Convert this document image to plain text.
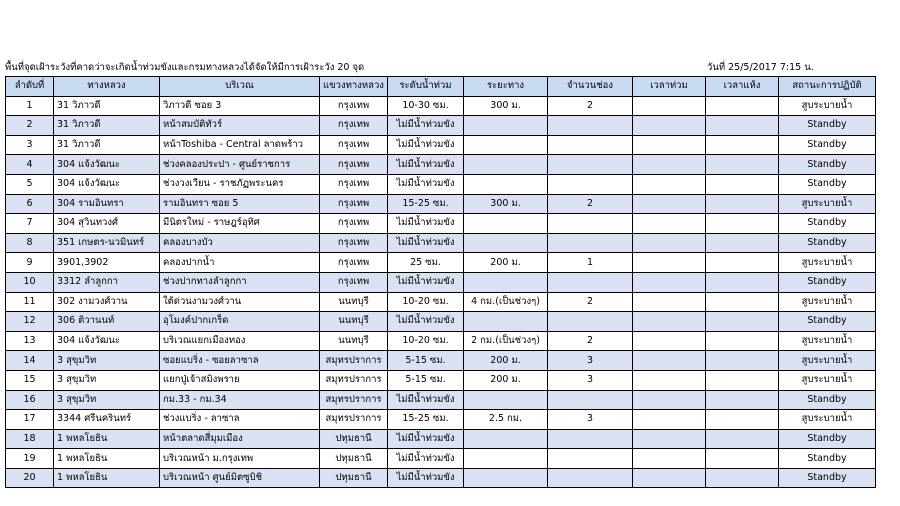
พื้นที่จุดเฝ้าระวังที่คาดว่าจะเกิดน้ำท่วมขังและกรมทางหลวงได้จัดให้มีการเฝ้าระวัง 20 จุด	วันที่ 25/5/2017 7:15 น.
ลำดับที่	ทางหลวง	บริเวณ	แขวงทางหลวง	ระดับน้ำท่วม	ระยะทาง	จำนวนช่อง	เวลาท่วม	เวลาแห้ง	สถานะการปฏิบัติ
1	31 วิภาวดี	วิภาวดี ซอย 3	กรุงเทพ	10-30 ซม.	300 ม.	2			สูบระบายน้ำ
2	31 วิภาวดี	หน้าสมบัติทัวร์	กรุงเทพ	ไม่มีน้ำท่วมขัง					Standby
3	31 วิภาวดี	หน้าToshiba - Central ลาดพร้าว	กรุงเทพ	ไม่มีน้ำท่วมขัง					Standby
4	304 แจ้งวัฒนะ	ช่วงคลองประปา - ศูนย์ราชการ	กรุงเทพ	ไม่มีน้ำท่วมขัง					Standby
5	304 แจ้งวัฒนะ	ช่วงวงเวียน - ราชภัฏพระนคร	กรุงเทพ	ไม่มีน้ำท่วมขัง					Standby
6	304 รามอินทรา	รามอินทรา ซอย 5	กรุงเทพ	15-25 ซม.	300 ม.	2			สูบระบายน้ำ
7	304 สุวินทวงศ์	มีนิตรใหม่ - ราษฎร์อุทิศ	กรุงเทพ	ไม่มีน้ำท่วมขัง					Standby
8	351 เกษตร-นวมินทร์	คลองบางบัว	กรุงเทพ	ไม่มีน้ำท่วมขัง					Standby
9	3901,3902	คลองปากน้ำ	กรุงเทพ	25 ซม.	200 ม.	1			สูบระบายน้ำ
10	3312 ลำลูกกา	ช่วงปากทางลำลูกกา	กรุงเทพ	ไม่มีน้ำท่วมขัง					Standby
11	302 งามวงศ์วาน	ใต้ด่วนงามวงศ์วาน	นนทบุรี	10-20 ซม.	4 กม.(เป็นช่วงๆ)	2			สูบระบายน้ำ
12	306 ติวานนท์	อุโมงค์ปากเกร็ด	นนทบุรี	ไม่มีน้ำท่วมขัง					Standby
13	304 แจ้งวัฒนะ	บริเวณแยกเมืองทอง	นนทบุรี	10-20 ซม.	2 กม.(เป็นช่วงๆ)	2			สูบระบายน้ำ
14	3 สุขุมวิท	ซอยแบริ่ง - ซอยลาซาล	สมุทรปราการ	5-15 ซม.	200 ม.	3			สูบระบายน้ำ
15	3 สุขุมวิท	แยกปู่เจ้าสมิงพราย	สมุทรปราการ	5-15 ซม.	200 ม.	3			สูบระบายน้ำ
16	3 สุขุมวิท	กม.33 - กม.34	สมุทรปราการ	ไม่มีน้ำท่วมขัง					Standby
17	3344 ศรีนครินทร์	ช่วงแบริ่ง - ลาซาล	สมุทรปราการ	15-25 ซม.	2.5 กม.	3			สูบระบายน้ำ
18	1 พหลโยธิน	หน้าตลาดสี่มุมเมือง	ปทุมธานี	ไม่มีน้ำท่วมขัง					Standby
19	1 พหลโยธิน	บริเวณหน้า ม.กรุงเทพ	ปทุมธานี	ไม่มีน้ำท่วมขัง					Standby
20	1 พหลโยธิน	บริเวณหน้า ศูนย์มิตซูบิชิ	ปทุมธานี	ไม่มีน้ำท่วมขัง					Standby
